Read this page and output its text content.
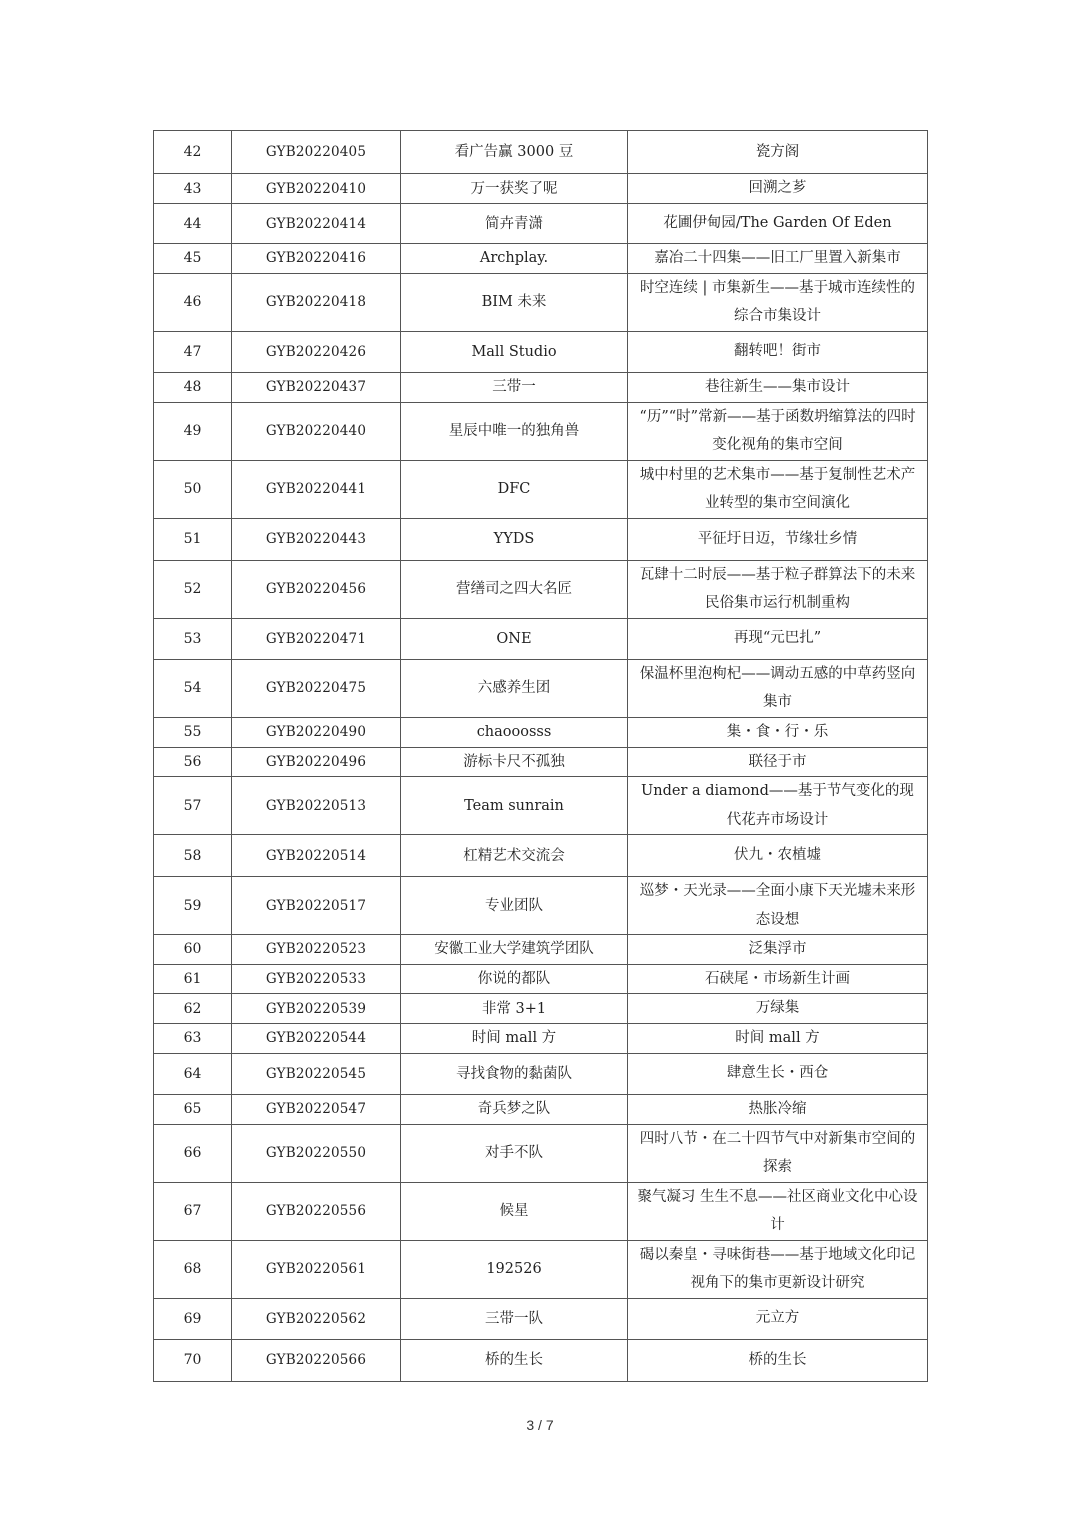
42	GYB20220405	看广告赢 3000 豆	瓷方阁
43	GYB20220410	万一获奖了呢	回溯之芗
44	GYB20220414	简卉青潇	花圃伊甸园/The Garden Of Eden
45	GYB20220416	Archplay.	嘉冶二十四集——旧工厂里置入新集市
46	GYB20220418	BIM 未来	时空连续 | 市集新生——基于城市连续性的综合市集设计
47	GYB20220426	Mall Studio	翻转吧！街市
48	GYB20220437	三带一	巷往新生——集市设计
49	GYB20220440	星辰中唯一的独角兽	“历”“时”常新——基于函数坍缩算法的四时变化视角的集市空间
50	GYB20220441	DFC	城中村里的艺术集市——基于复制性艺术产业转型的集市空间演化
51	GYB20220443	YYDS	平征圩日迈，节缘壮乡情
52	GYB20220456	营缮司之四大名匠	瓦肆十二时辰——基于粒子群算法下的未来民俗集市运行机制重构
53	GYB20220471	ONE	再现“元巴扎”
54	GYB20220475	六感养生团	保温杯里泡枸杞——调动五感的中草药竖向集市
55	GYB20220490	chaooosss	集・食・行・乐
56	GYB20220496	游标卡尺不孤独	联径于市
57	GYB20220513	Team sunrain	Under a diamond——基于节气变化的现代花卉市场设计
58	GYB20220514	杠精艺术交流会	伏九・农植墟
59	GYB20220517	专业团队	巡梦・天光录——全面小康下天光墟未来形态设想
60	GYB20220523	安徽工业大学建筑学团队	泛集浮市
61	GYB20220533	你说的都队	石硖尾・市场新生计画
62	GYB20220539	非常 3+1	万绿集
63	GYB20220544	时间 mall 方	时间 mall 方
64	GYB20220545	寻找食物的黏菌队	肆意生长・西仓
65	GYB20220547	奇兵梦之队	热胀冷缩
66	GYB20220550	对手不队	四时八节・在二十四节气中对新集市空间的探索
67	GYB20220556	候星	聚气凝习 生生不息——社区商业文化中心设计
68	GYB20220561	192526	碣以秦皇・寻味街巷——基于地域文化印记视角下的集市更新设计研究
69	GYB20220562	三带一队	元立方
70	GYB20220566	桥的生长	桥的生长
3 / 7
